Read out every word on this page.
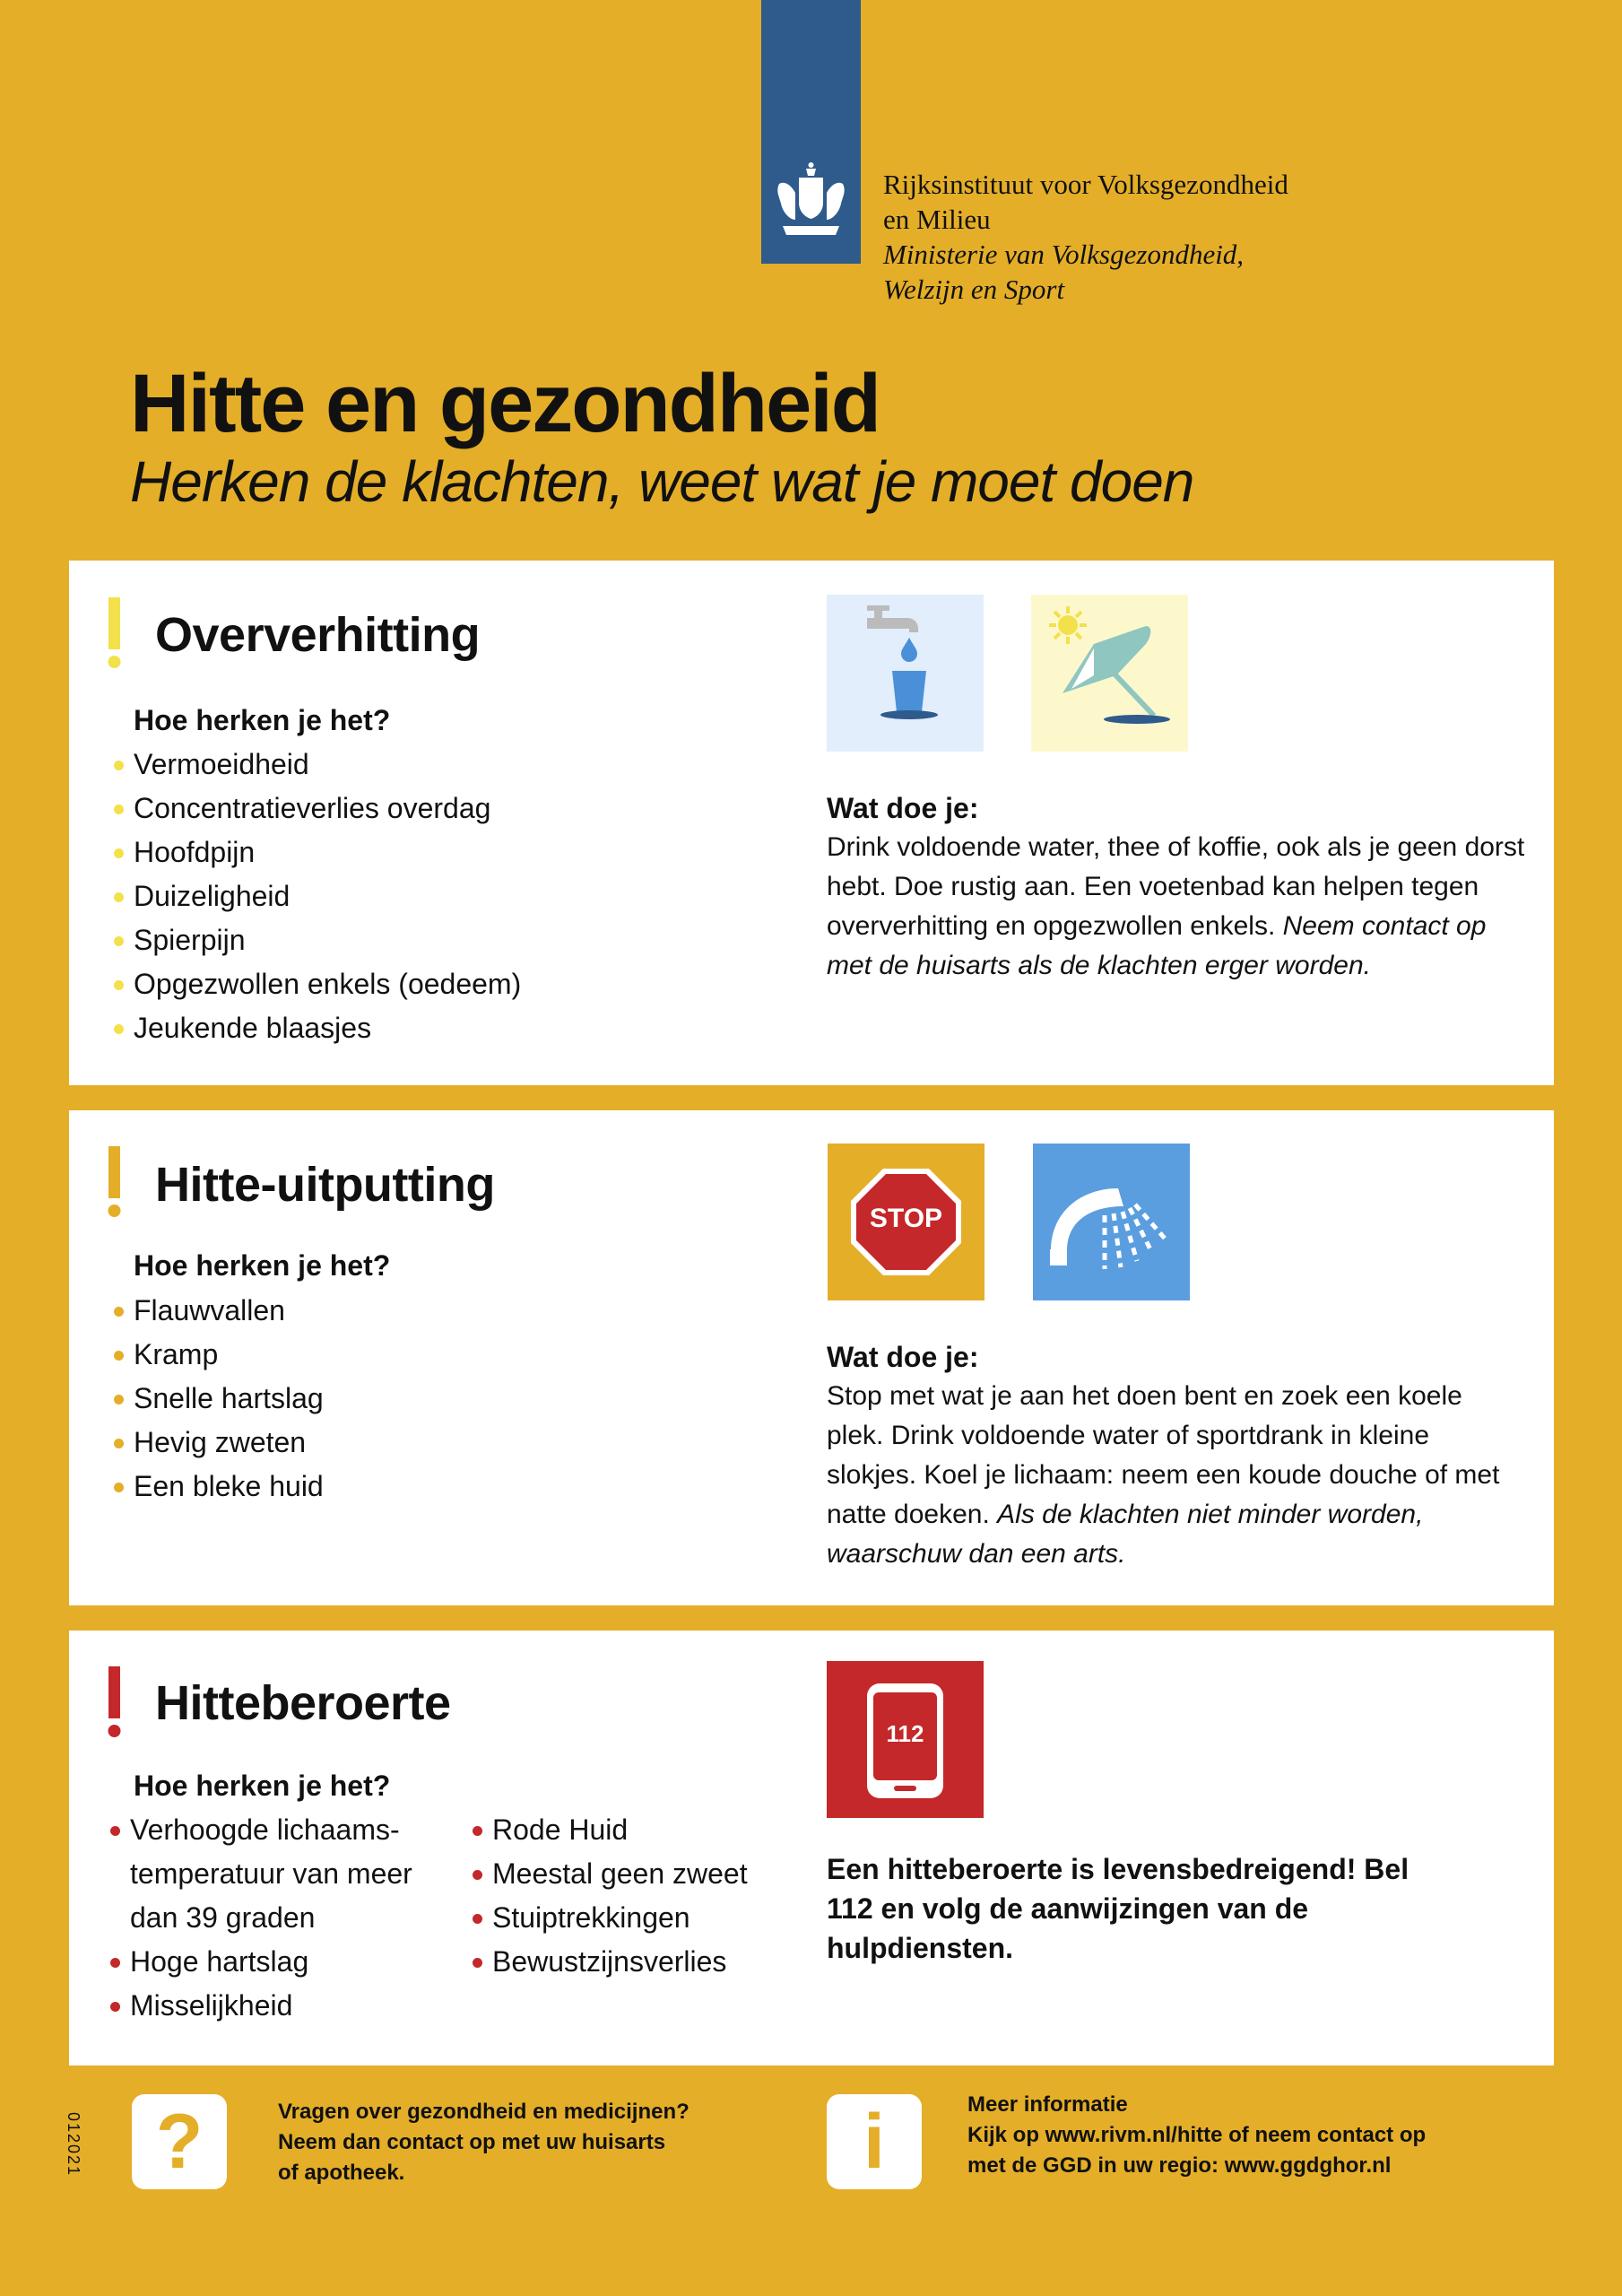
Rijksinstituut voor Volksgezondheid
en Milieu
Ministerie van Volksgezondheid,
Welzijn en Sport
Hitte en gezondheid

Herken de klachten, weet wat je moet doen

Oververhitting

Hoe herken je het?

Vermoeidheid
Concentratieverlies overdag
Hoofdpijn
Duizeligheid
Spierpijn
Opgezwollen enkels (oedeem)
Jeukende blaasjes
Wat doe je:
Drink voldoende water, thee of koffie, ook als je geen dorst hebt. Doe rustig aan. Een voetenbad kan helpen tegen oververhitting en opgezwollen enkels. Neem contact op met de huisarts als de klachten erger worden.
Hitte-uitputting

Hoe herken je het?

Flauwvallen
Kramp
Snelle hartslag
Hevig zweten
Een bleke huid
STOP
Wat doe je:
Stop met wat je aan het doen bent en zoek een koele plek. Drink voldoende water of sportdrank in kleine slokjes. Koel je lichaam: neem een koude douche of met natte doeken. Als de klachten niet minder worden, waarschuw dan een arts.
Hitteberoerte

Hoe herken je het?

Verhoogde lichaams-temperatuur van meer dan 39 graden
Hoge hartslag
Misselijkheid
Rode Huid
Meestal geen zweet
Stuiptrekkingen
Bewustzijnsverlies
112
Een hitteberoerte is levensbedreigend! Bel 112 en volg de aanwijzingen van de hulpdiensten.
012021 ?	Vragen over gezondheid en medicijnen? Neem dan contact op met uw huisarts of apotheek.	i	Meer informatie
Kijk op www.rivm.nl/hitte of neem contact op met de GGD in uw regio: www.ggdghor.nl
